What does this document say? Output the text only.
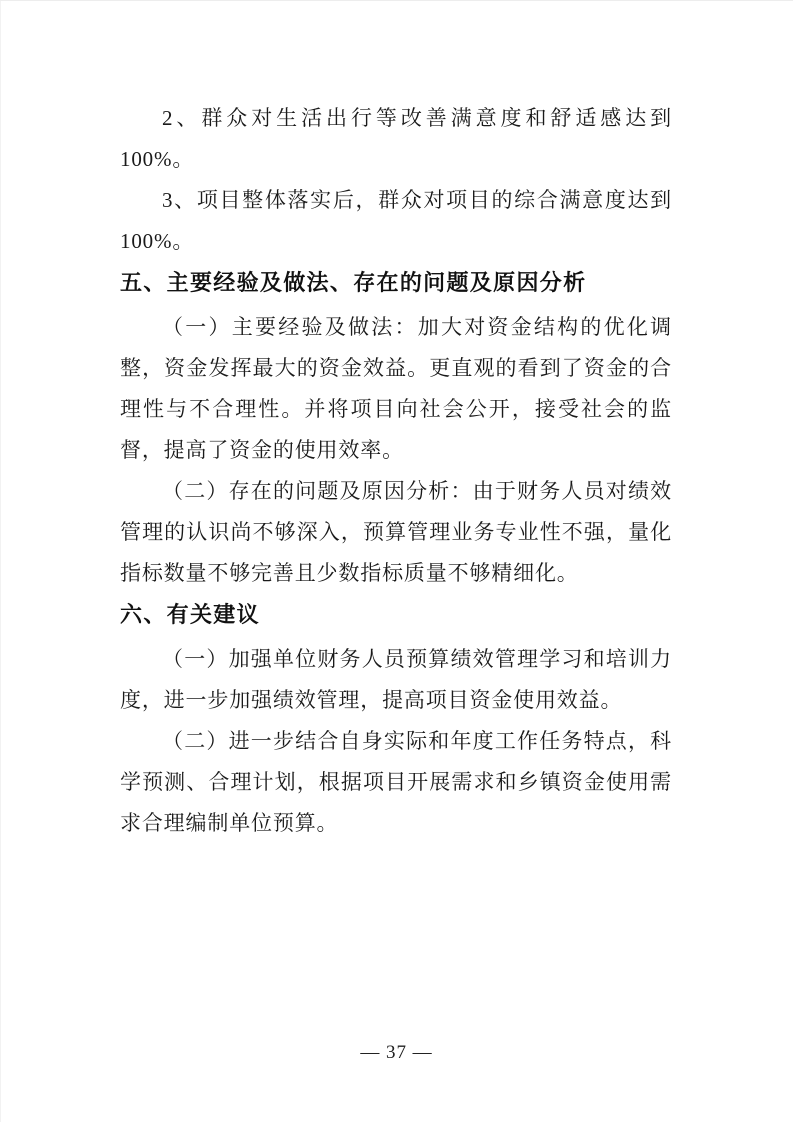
2、群众对生活出行等改善满意度和舒适感达到 100%。

3、项目整体落实后，群众对项目的综合满意度达到 100%。

五、主要经验及做法、存在的问题及原因分析

（一）主要经验及做法：加大对资金结构的优化调整，资金发挥最大的资金效益。更直观的看到了资金的合理性与不合理性。并将项目向社会公开，接受社会的监督，提高了资金的使用效率。

（二）存在的问题及原因分析：由于财务人员对绩效管理的认识尚不够深入，预算管理业务专业性不强，量化指标数量不够完善且少数指标质量不够精细化。

六、有关建议

（一）加强单位财务人员预算绩效管理学习和培训力度，进一步加强绩效管理，提高项目资金使用效益。

（二）进一步结合自身实际和年度工作任务特点，科学预测、合理计划，根据项目开展需求和乡镇资金使用需求合理编制单位预算。

— 37 —
